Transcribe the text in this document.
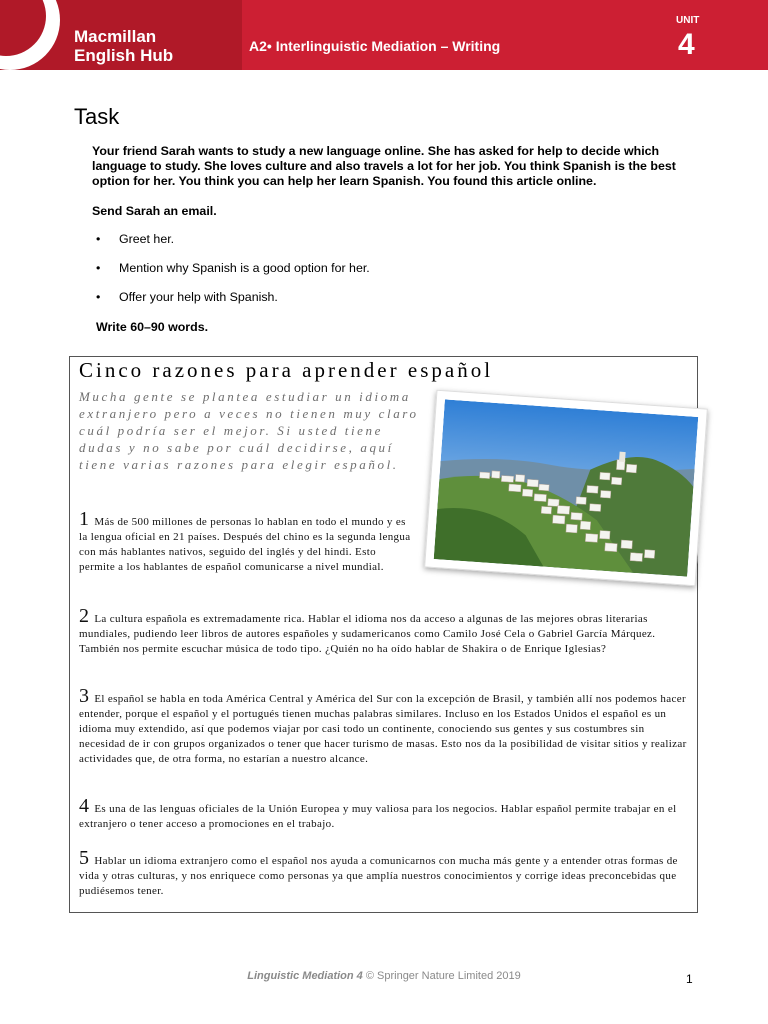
Macmillan
English Hub	A2• Interlinguistic Mediation – Writing
UNIT
4
Task
Your friend Sarah wants to study a new language online. She has asked for help to decide which language to study. She loves culture and also travels a lot for her job. You think Spanish is the best option for her. You think you can help her learn Spanish. You found this article online.
Send Sarah an email.
• Greet her.
• Mention why Spanish is a good option for her.
• Offer your help with Spanish.
Write 60–90 words.
Cinco razones para aprender español
Mucha gente se plantea estudiar un idioma extranjero pero a veces no tienen muy claro cuál podría ser el mejor. Si usted tiene dudas y no sabe por cuál decidirse, aquí tiene varias razones para elegir español.
1 Más de 500 millones de personas lo hablan en todo el mundo y es la lengua oficial en 21 países. Después del chino es la segunda lengua con más hablantes nativos, seguido del inglés y del hindi. Esto permite a los hablantes de español comunicarse a nivel mundial.
2 La cultura española es extremadamente rica. Hablar el idioma nos da acceso a algunas de las mejores obras literarias mundiales, pudiendo leer libros de autores españoles y sudamericanos como Camilo José Cela o Gabriel García Márquez. También nos permite escuchar música de todo tipo. ¿Quién no ha oído hablar de Shakira o de Enrique Iglesias?
3 El español se habla en toda América Central y América del Sur con la excepción de Brasil, y también allí nos podemos hacer entender, porque el español y el portugués tienen muchas palabras similares. Incluso en los Estados Unidos el español es un idioma muy extendido, así que podemos viajar por casi todo un continente, conociendo sus gentes y sus costumbres sin necesidad de ir con grupos organizados o tener que hacer turismo de masas. Esto nos da la posibilidad de visitar sitios y realizar actividades que, de otra forma, no estarían a nuestro alcance.
4 Es una de las lenguas oficiales de la Unión Europea y muy valiosa para los negocios. Hablar español permite trabajar en el extranjero o tener acceso a promociones en el trabajo.
5 Hablar un idioma extranjero como el español nos ayuda a comunicarnos con mucha más gente y a entender otras formas de vida y otras culturas, y nos enriquece como personas ya que amplía nuestros conocimientos y corrige ideas preconcebidas que pudiésemos tener.
Linguistic Mediation 4 © Springer Nature Limited 2019	1
